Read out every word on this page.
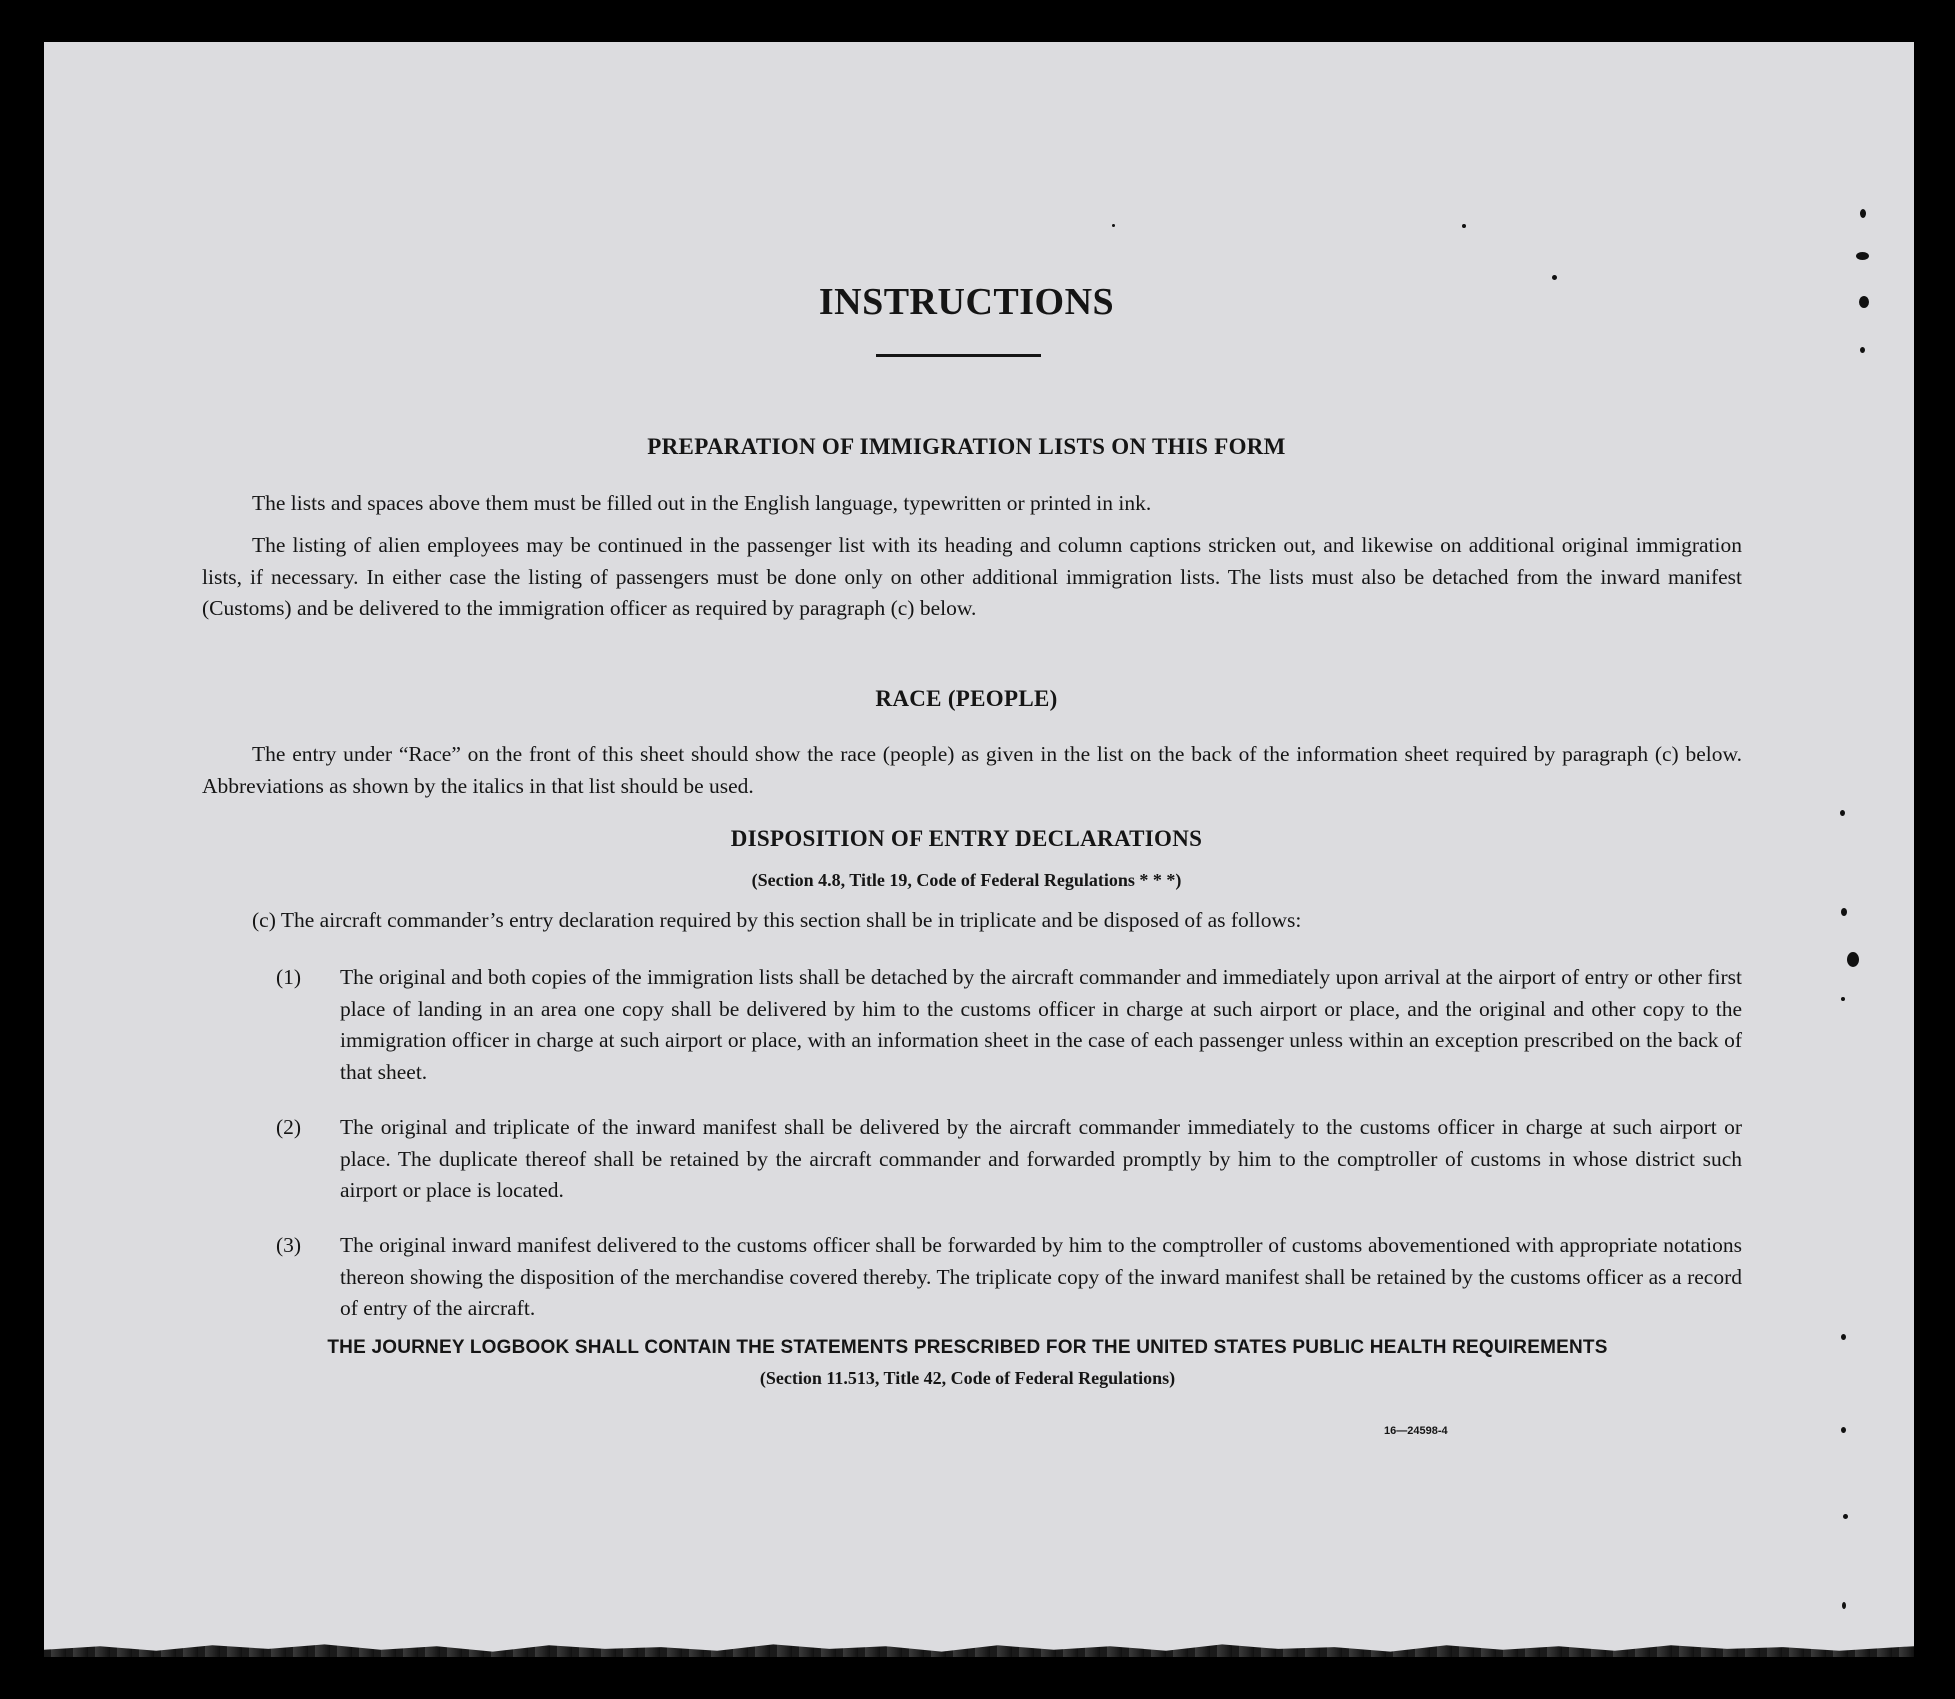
INSTRUCTIONS
PREPARATION OF IMMIGRATION LISTS ON THIS FORM
The lists and spaces above them must be filled out in the English language, typewritten or printed in ink.
The listing of alien employees may be continued in the passenger list with its heading and column captions stricken out, and likewise on additional original immigration lists, if necessary. In either case the listing of passengers must be done only on other additional immigration lists. The lists must also be detached from the inward manifest (Customs) and be delivered to the immigration officer as required by paragraph (c) below.
RACE (PEOPLE)
The entry under “Race” on the front of this sheet should show the race (people) as given in the list on the back of the information sheet required by paragraph (c) below. Abbreviations as shown by the italics in that list should be used.
DISPOSITION OF ENTRY DECLARATIONS
(Section 4.8, Title 19, Code of Federal Regulations * * *)
(c) The aircraft commander’s entry declaration required by this section shall be in triplicate and be disposed of as follows:
(1) The original and both copies of the immigration lists shall be detached by the aircraft commander and immediately upon arrival at the airport of entry or other first place of landing in an area one copy shall be delivered by him to the customs officer in charge at such airport or place, and the original and other copy to the immigration officer in charge at such airport or place, with an information sheet in the case of each passenger unless within an exception prescribed on the back of that sheet.
(2) The original and triplicate of the inward manifest shall be delivered by the aircraft commander immediately to the customs officer in charge at such airport or place. The duplicate thereof shall be retained by the aircraft commander and forwarded promptly by him to the comptroller of customs in whose district such airport or place is located.
(3) The original inward manifest delivered to the customs officer shall be forwarded by him to the comptroller of customs abovementioned with appropriate notations thereon showing the disposition of the merchandise covered thereby. The triplicate copy of the inward manifest shall be retained by the customs officer as a record of entry of the aircraft.
THE JOURNEY LOGBOOK SHALL CONTAIN THE STATEMENTS PRESCRIBED FOR THE UNITED STATES PUBLIC HEALTH REQUIREMENTS
(Section 11.513, Title 42, Code of Federal Regulations)
16—24598-4
